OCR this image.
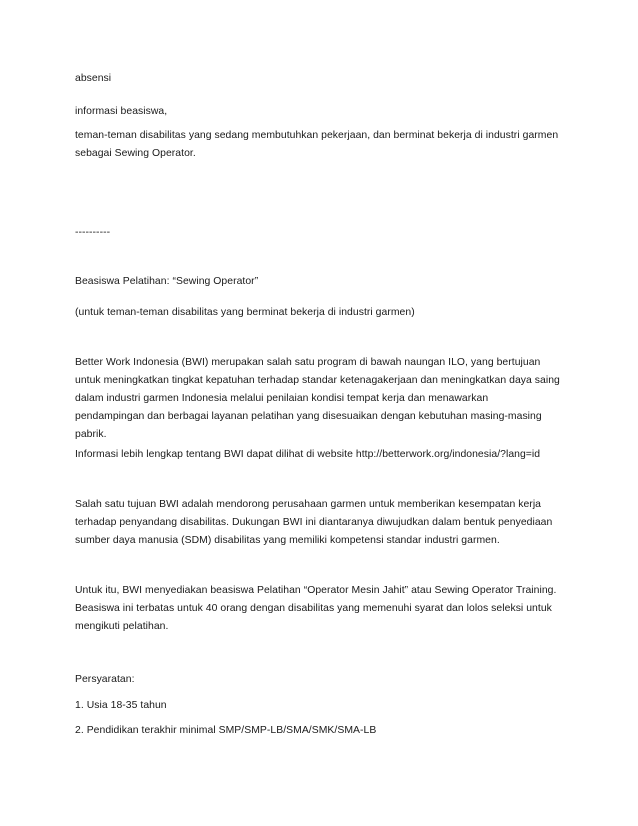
absensi

informasi beasiswa,

teman-teman disabilitas yang sedang membutuhkan pekerjaan, dan berminat bekerja di industri garmen
sebagai Sewing Operator.

----------

Beasiswa Pelatihan: “Sewing Operator”

(untuk teman-teman disabilitas yang berminat bekerja di industri garmen)

Better Work Indonesia (BWI) merupakan salah satu program di bawah naungan ILO, yang bertujuan
untuk meningkatkan tingkat kepatuhan terhadap standar ketenagakerjaan dan meningkatkan daya saing
dalam industri garmen Indonesia melalui penilaian kondisi tempat kerja dan menawarkan
pendampingan dan berbagai layanan pelatihan yang disesuaikan dengan kebutuhan masing-masing
pabrik.

Informasi lebih lengkap tentang BWI dapat dilihat di website http://betterwork.org/indonesia/?lang=id

Salah satu tujuan BWI adalah mendorong perusahaan garmen untuk memberikan kesempatan kerja
terhadap penyandang disabilitas. Dukungan BWI ini diantaranya diwujudkan dalam bentuk penyediaan
sumber daya manusia (SDM) disabilitas yang memiliki kompetensi standar industri garmen.

Untuk itu, BWI menyediakan beasiswa Pelatihan “Operator Mesin Jahit” atau Sewing Operator Training.
Beasiswa ini terbatas untuk 40 orang dengan disabilitas yang memenuhi syarat dan lolos seleksi untuk
mengikuti pelatihan.

Persyaratan:

1. Usia 18-35 tahun

2. Pendidikan terakhir minimal SMP/SMP-LB/SMA/SMK/SMA-LB
